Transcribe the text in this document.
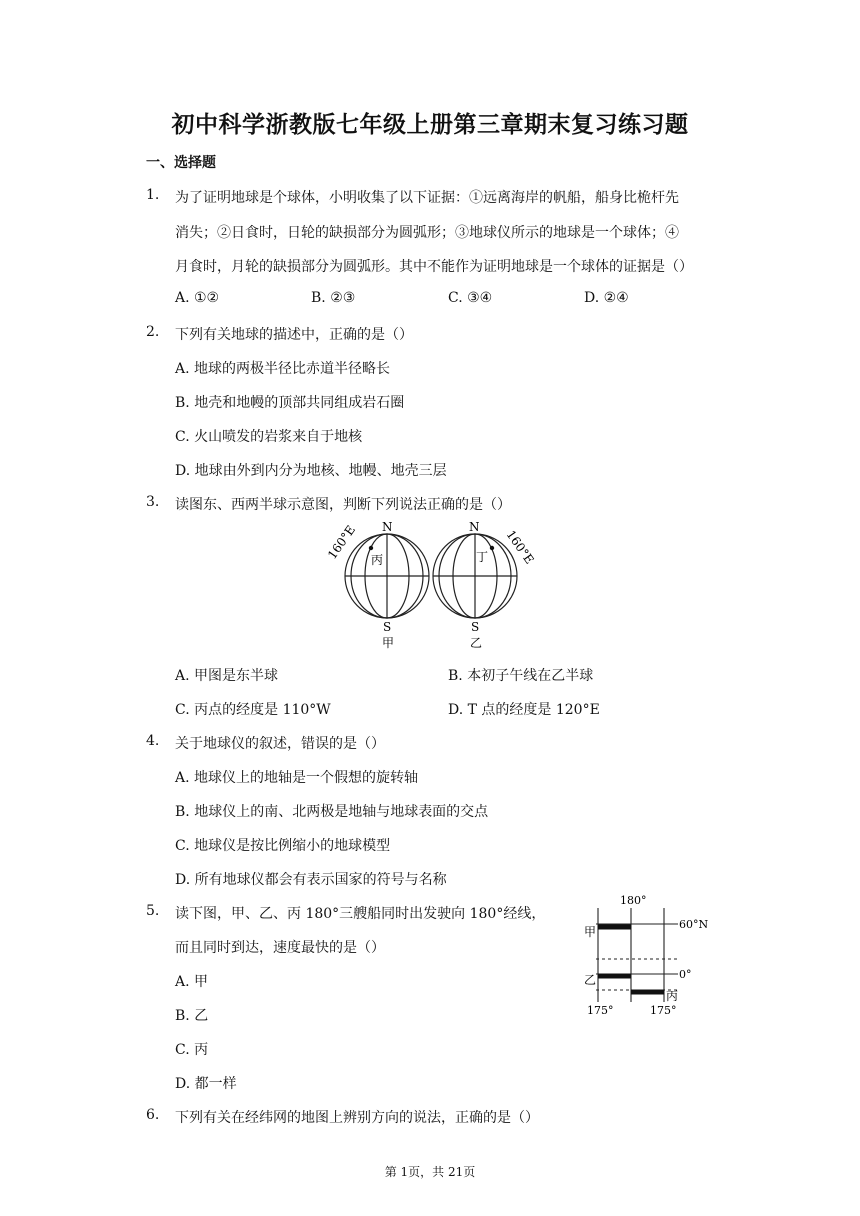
初中科学浙教版七年级上册第三章期末复习练习题
一、选择题
1. 为了证明地球是个球体，小明收集了以下证据：①远离海岸的帆船，船身比桅杆先
消失；②日食时，日轮的缺损部分为圆弧形；③地球仪所示的地球是一个球体；④
月食时，月轮的缺损部分为圆弧形。其中不能作为证明地球是一个球体的证据是（）
A. ①②	B. ②③	C. ③④	D. ②④
2. 下列有关地球的描述中，正确的是（）
A. 地球的两极半径比赤道半径略长
B. 地壳和地幔的顶部共同组成岩石圈
C. 火山喷发的岩浆来自于地核
D. 地球由外到内分为地核、地幔、地壳三层
3. 读图东、西两半球示意图，判断下列说法正确的是（）
160°E	160°E
N	N
丙	丁
S	S
甲	乙
A. 甲图是东半球	B. 本初子午线在乙半球
C. 丙点的经度是 110°W	D. T 点的经度是 120°E
4. 关于地球仪的叙述，错误的是（）
A. 地球仪上的地轴是一个假想的旋转轴
B. 地球仪上的南、北两极是地轴与地球表面的交点
C. 地球仪是按比例缩小的地球模型
D. 所有地球仪都会有表示国家的符号与名称
5. 读下图，甲、乙、丙 180°三艘船同时出发驶向 180°经线，
而且同时到达，速度最快的是（）
A. 甲
B. 乙
C. 丙
D. 都一样
180°
60°N
0°
甲
乙
丙
175°	175°
6. 下列有关在经纬网的地图上辨别方向的说法，正确的是（）
第 1页，共 21页
